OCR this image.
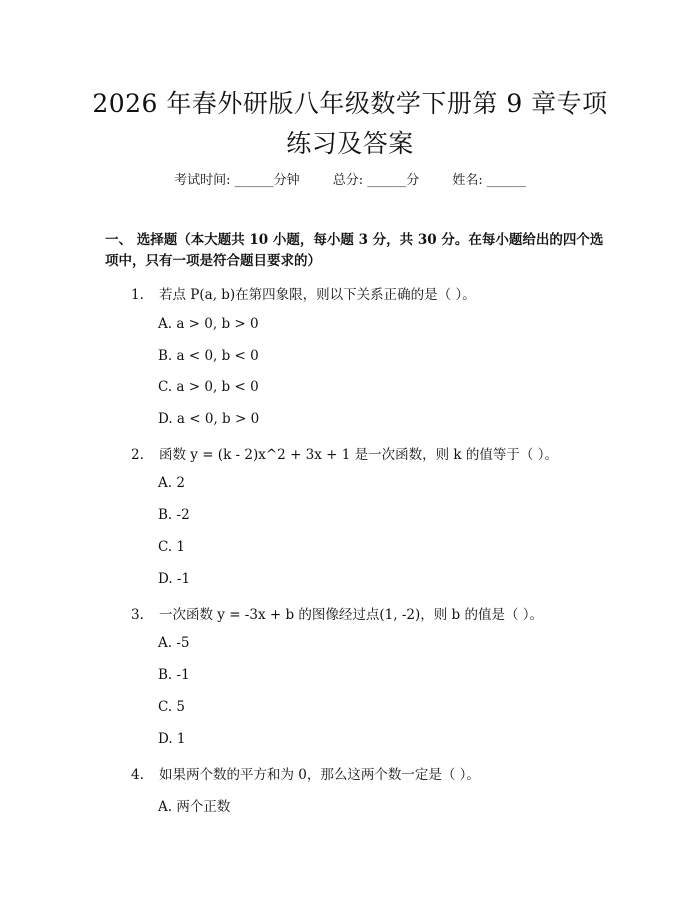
2026 年春外研版八年级数学下册第 9 章专项
练习及答案
考试时间: ______分钟	总分: ______分	姓名: ______
一、 选择题（本大题共 10 小题，每小题 3 分，共 30 分。在每小题给出的四个选项中，只有一项是符合题目要求的）
1. 若点 P(a, b)在第四象限，则以下关系正确的是（ ）。
A. a > 0, b > 0
B. a < 0, b < 0
C. a > 0, b < 0
D. a < 0, b > 0
2. 函数 y = (k - 2)x^2 + 3x + 1 是一次函数，则 k 的值等于（ ）。
A. 2
B. -2
C. 1
D. -1
3. 一次函数 y = -3x + b 的图像经过点(1, -2)，则 b 的值是（ ）。
A. -5
B. -1
C. 5
D. 1
4. 如果两个数的平方和为 0，那么这两个数一定是（ ）。
A. 两个正数
